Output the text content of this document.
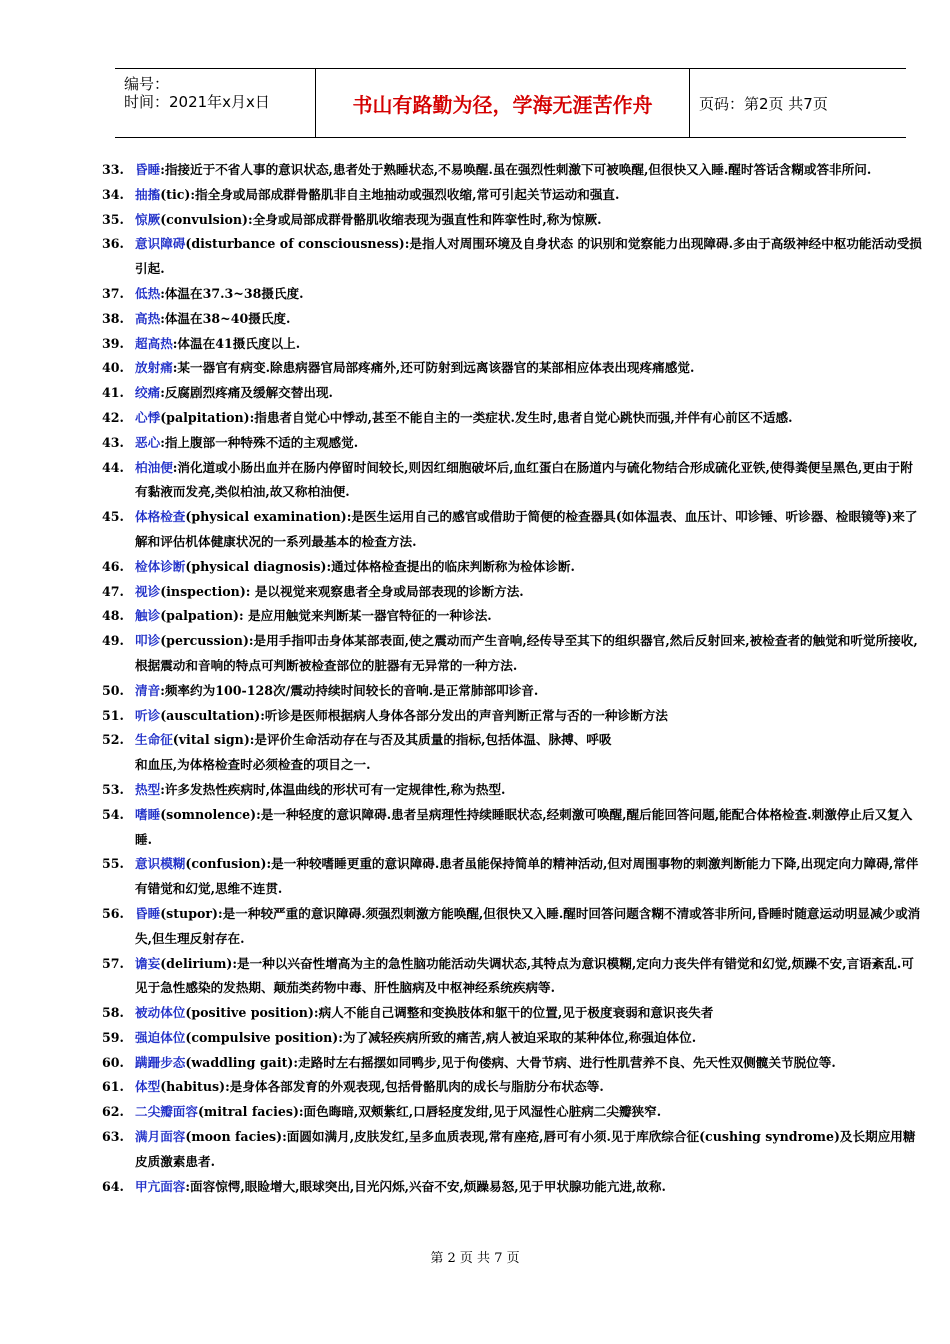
编号：
时间：2021年x月x日	书山有路勤为径，学海无涯苦作舟	页码：第2页 共7页
33. 昏睡:指接近于不省人事的意识状态,患者处于熟睡状态,不易唤醒.虽在强烈性刺激下可被唤醒,但很快又入睡.醒时答话含糊或答非所问.
34. 抽搐(tic):指全身或局部成群骨骼肌非自主地抽动或强烈收缩,常可引起关节运动和强直.
35. 惊厥(convulsion):全身或局部成群骨骼肌收缩表现为强直性和阵挛性时,称为惊厥.
36. 意识障碍(disturbance of consciousness):是指人对周围环境及自身状态 的识别和觉察能力出现障碍.多由于高级神经中枢功能活动受损引起.
37. 低热:体温在37.3~38摄氏度.
38. 高热:体温在38~40摄氏度.
39. 超高热:体温在41摄氏度以上.
40. 放射痛:某一器官有病变.除患病器官局部疼痛外,还可防射到远离该器官的某部相应体表出现疼痛感觉.
41. 绞痛:反腐剧烈疼痛及缓解交替出现.
42. 心悸(palpitation):指患者自觉心中悸动,甚至不能自主的一类症状.发生时,患者自觉心跳快而强,并伴有心前区不适感.
43. 恶心:指上腹部一种特殊不适的主观感觉.
44. 柏油便:消化道或小肠出血并在肠内停留时间较长,则因红细胞破坏后,血红蛋白在肠道内与硫化物结合形成硫化亚铁,使得粪便呈黑色,更由于附有黏液而发亮,类似柏油,故又称柏油便.
45. 体格检查(physical examination):是医生运用自己的感官或借助于简便的检查器具(如体温表、血压计、叩诊锤、听诊器、检眼镜等)来了解和评估机体健康状况的一系列最基本的检查方法.
46. 检体诊断(physical diagnosis):通过体格检查提出的临床判断称为检体诊断.
47. 视诊(inspection): 是以视觉来观察患者全身或局部表现的诊断方法.
48. 触诊(palpation): 是应用触觉来判断某一器官特征的一种诊法.
49. 叩诊(percussion):是用手指叩击身体某部表面,使之震动而产生音响,经传导至其下的组织器官,然后反射回来,被检查者的触觉和听觉所接收,根据震动和音响的特点可判断被检查部位的脏器有无异常的一种方法.
50. 清音:频率约为100-128次/震动持续时间较长的音响.是正常肺部叩诊音.
51. 听诊(auscultation):听诊是医师根据病人身体各部分发出的声音判断正常与否的一种诊断方法
52. 生命征(vital sign):是评价生命活动存在与否及其质量的指标,包括体温、脉搏、呼吸
和血压,为体格检查时必须检查的项目之一.
53. 热型:许多发热性疾病时,体温曲线的形状可有一定规律性,称为热型.
54. 嗜睡(somnolence):是一种轻度的意识障碍.患者呈病理性持续睡眠状态,经刺激可唤醒,醒后能回答问题,能配合体格检查.刺激停止后又复入睡.
55. 意识模糊(confusion):是一种较嗜睡更重的意识障碍.患者虽能保持简单的精神活动,但对周围事物的刺激判断能力下降,出现定向力障碍,常伴有错觉和幻觉,思维不连贯.
56. 昏睡(stupor):是一种较严重的意识障碍.须强烈刺激方能唤醒,但很快又入睡.醒时回答问题含糊不清或答非所问,昏睡时随意运动明显减少或消失,但生理反射存在.
57. 谵妄(delirium):是一种以兴奋性增高为主的急性脑功能活动失调状态,其特点为意识模糊,定向力丧失伴有错觉和幻觉,烦躁不安,言语紊乱.可见于急性感染的发热期、颠茄类药物中毒、肝性脑病及中枢神经系统疾病等.
58. 被动体位(positive position):病人不能自己调整和变换肢体和躯干的位置,见于极度衰弱和意识丧失者
59. 强迫体位(compulsive position):为了减轻疾病所致的痛苦,病人被迫采取的某种体位,称强迫体位.
60. 蹒跚步态(waddling gait):走路时左右摇摆如同鸭步,见于佝偻病、大骨节病、进行性肌营养不良、先天性双侧髋关节脱位等.
61. 体型(habitus):是身体各部发育的外观表现,包括骨骼肌肉的成长与脂肪分布状态等.
62. 二尖瓣面容(mitral facies):面色晦暗,双颊紫红,口唇轻度发绀,见于风湿性心脏病二尖瓣狭窄.
63. 满月面容(moon facies):面圆如满月,皮肤发红,呈多血质表现,常有座疮,唇可有小须.见于库欣综合征(cushing syndrome)及长期应用糖皮质激素患者.
64. 甲亢面容:面容惊愕,眼睑增大,眼球突出,目光闪烁,兴奋不安,烦躁易怒,见于甲状腺功能亢进,故称.
第 2 页 共 7 页
